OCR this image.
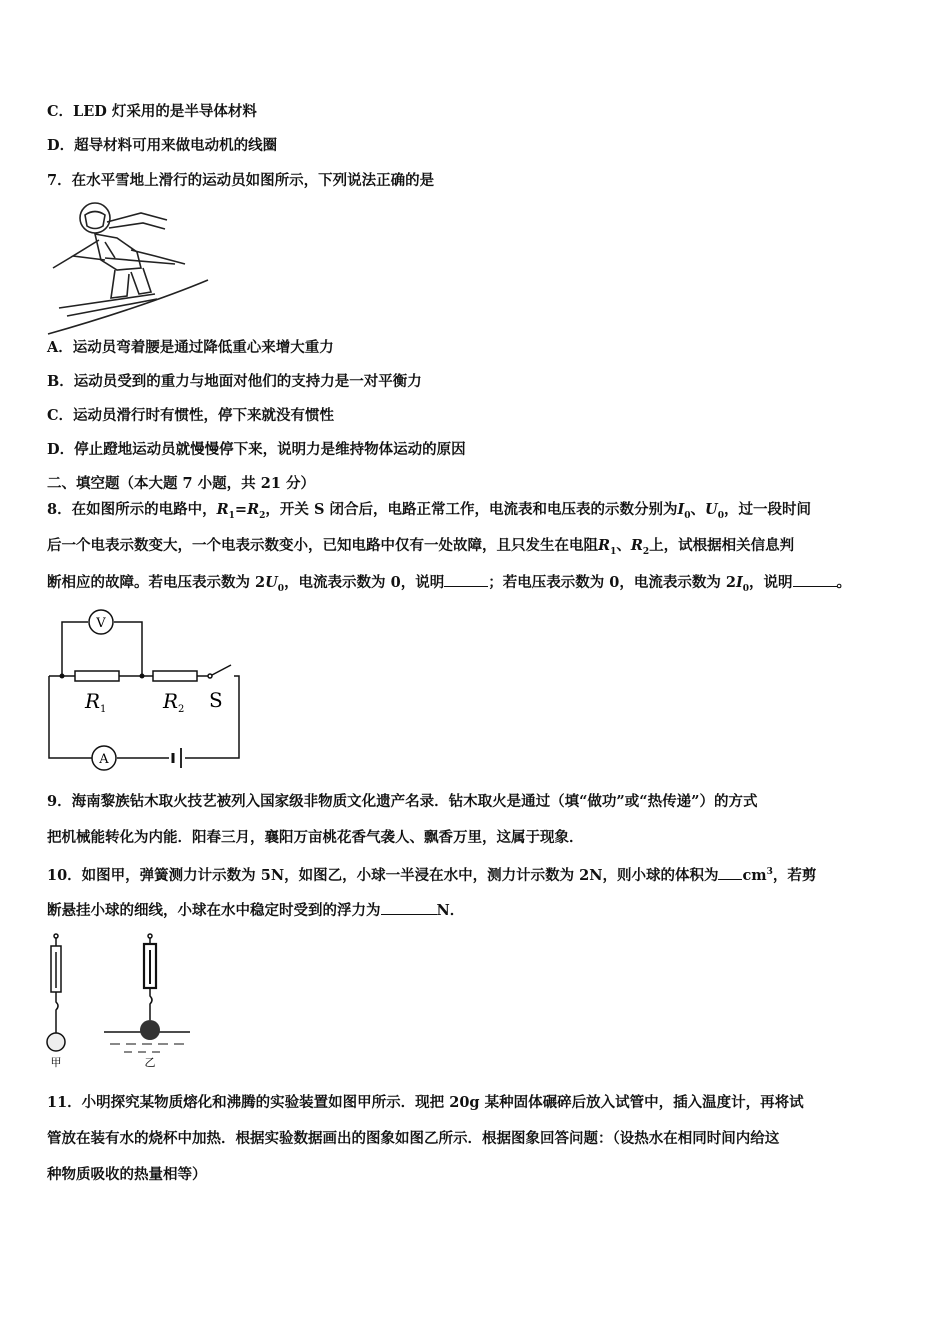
C．LED 灯采用的是半导体材料
D．超导材料可用来做电动机的线圈
7．在水平雪地上滑行的运动员如图所示，下列说法正确的是
A．运动员弯着腰是通过降低重心来增大重力
B．运动员受到的重力与地面对他们的支持力是一对平衡力
C．运动员滑行时有惯性，停下来就没有惯性
D．停止蹬地运动员就慢慢停下来，说明力是维持物体运动的原因
二、填空题（本大题 7 小题，共 21 分）
8．在如图所示的电路中，$R_1=R_2$，开关 S 闭合后，电路正常工作，电流表和电压表的示数分别为$I_0$、$U_0$，过一段时间
后一个电表示数变大，一个电表示数变小，已知电路中仅有一处故障，且只发生在电阻$R_1$、$R_2$上，试根据相关信息判
断相应的故障。若电压表示数为 $2U_0$，电流表示数为 0，说明	；若电压表示数为 0，电流表示数为 $2I_0$，说明	。
V
A
R 1	R 2 S
9．海南黎族钻木取火技艺被列入国家级非物质文化遗产名录．钻木取火是通过（填“做功”或“热传递”）的方式
把机械能转化为内能．阳春三月，襄阳万亩桃花香气袭人、飘香万里，这属于现象．
10．如图甲，弹簧测力计示数为 5N，如图乙，小球一半浸在水中，测力计示数为 2N，则小球的体积为 $cm^3$，若剪
断悬挂小球的细线，小球在水中稳定时受到的浮力为	N．
甲	乙
11．小明探究某物质熔化和沸腾的实验装置如图甲所示．现把 20g 某种固体碾碎后放入试管中，插入温度计，再将试
管放在装有水的烧杯中加热．根据实验数据画出的图象如图乙所示．根据图象回答问题：（设热水在相同时间内给这
种物质吸收的热量相等）
